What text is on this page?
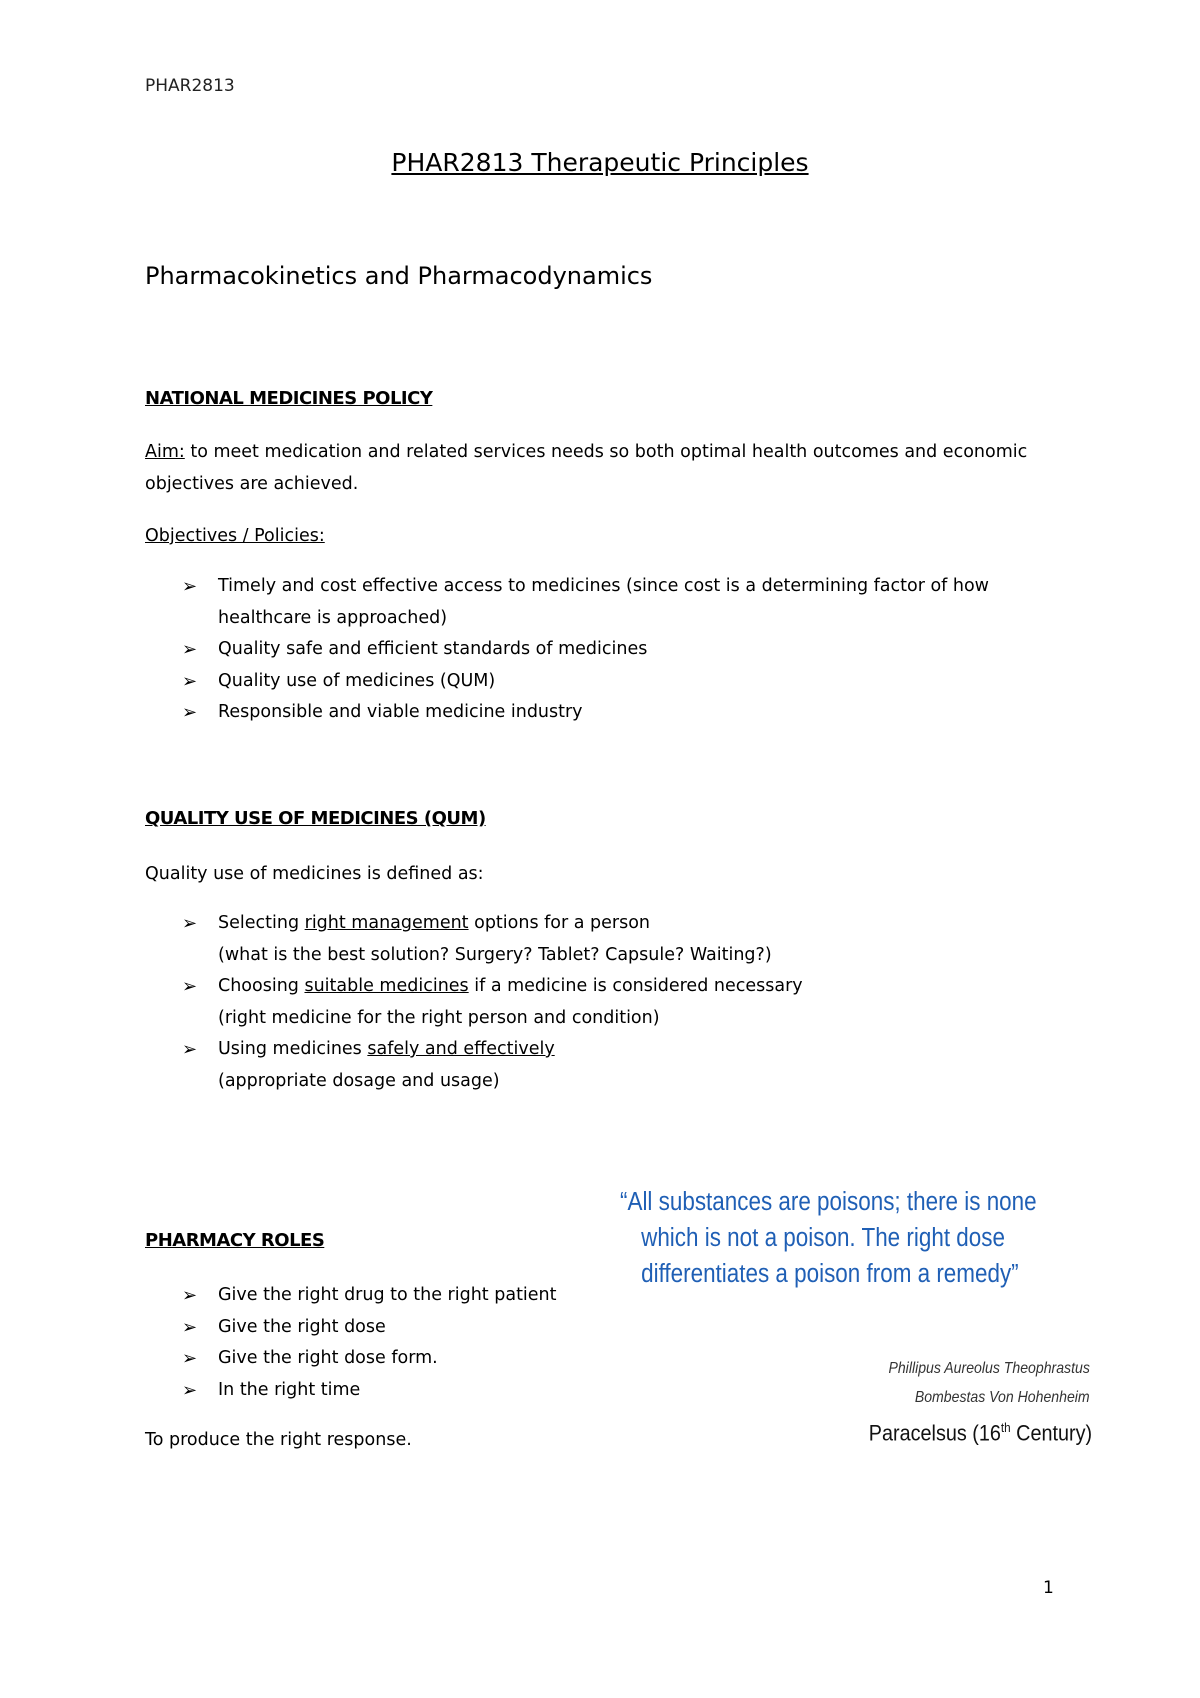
PHAR2813
PHAR2813 Therapeutic Principles
Pharmacokinetics and Pharmacodynamics
NATIONAL MEDICINES POLICY
Aim: to meet medication and related services needs so both optimal health outcomes and economic objectives are achieved.
Objectives / Policies:
➢ Timely and cost effective access to medicines (since cost is a determining factor of how healthcare is approached)
➢ Quality safe and efficient standards of medicines
➢ Quality use of medicines (QUM)
➢ Responsible and viable medicine industry
QUALITY USE OF MEDICINES (QUM)
Quality use of medicines is defined as:
➢ Selecting right management options for a person
(what is the best solution? Surgery? Tablet? Capsule? Waiting?)
➢ Choosing suitable medicines if a medicine is considered necessary
(right medicine for the right person and condition)
➢ Using medicines safely and effectively
(appropriate dosage and usage)
PHARMACY ROLES
➢ Give the right drug to the right patient
➢ Give the right dose
➢ Give the right dose form.
➢ In the right time
To produce the right response.
“All substances are poisons; there is none
which is not a poison. The right dose
differentiates a poison from a remedy”
Phillipus Aureolus Theophrastus
Bombestas Von Hohenheim
Paracelsus (16th Century)
1
